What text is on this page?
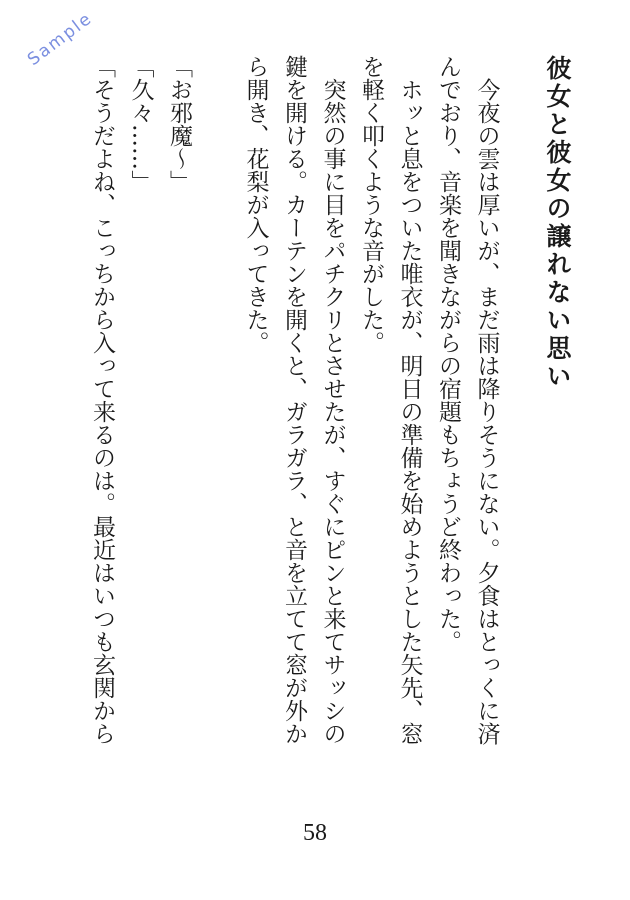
Sample
彼女と彼女の譲れない思い
今夜の雲は厚いが、まだ雨は降りそうにない。夕食はとっくに済
んでおり、音楽を聞きながらの宿題もちょうど終わった。
ホッと息をついた唯衣が、明日の準備を始めようとした矢先、窓
を軽く叩くような音がした。
突然の事に目をパチクリとさせたが、すぐにピンと来てサッシの
鍵を開ける。カーテンを開くと、ガラガラ、と音を立てて窓が外か
ら開き、花梨が入ってきた。
「お邪魔～」
「久々……」
「そうだよね、こっちから入って来るのは。最近はいつも玄関から
58
